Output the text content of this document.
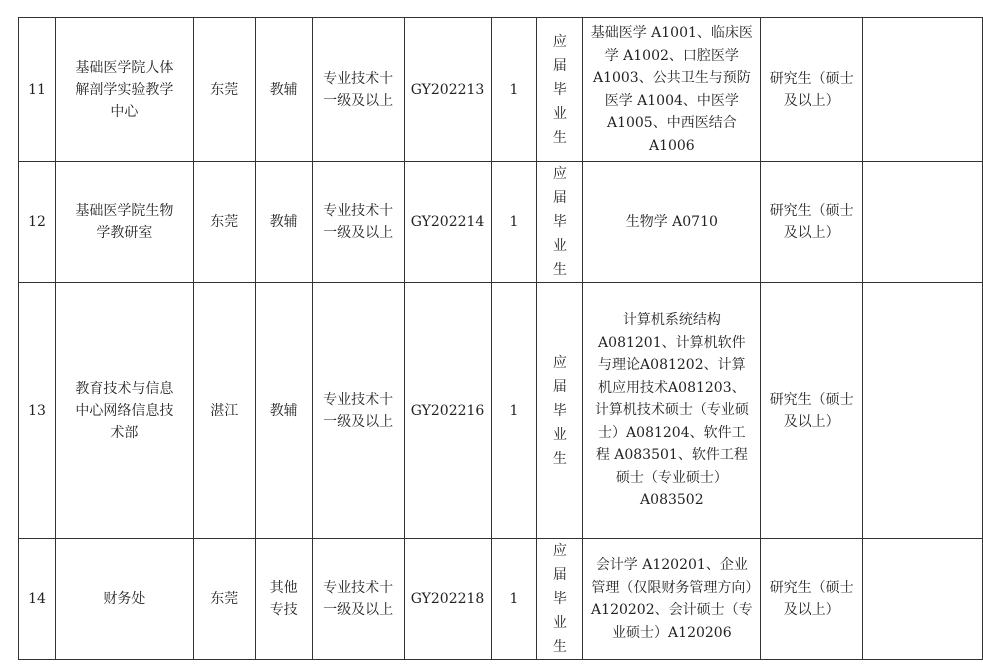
11	基础医学院人体解剖学实验教学中心	东莞	教辅	专业技术十一级及以上	GY202213	1	应届毕业生	基础医学 A1001、临床医学 A1002、口腔医学A1003、公共卫生与预防医学 A1004、中医学A1005、中西医结合A1006	研究生（硕士及以上）	
12	基础医学院生物学教研室	东莞	教辅	专业技术十一级及以上	GY202214	1	应届毕业生	生物学 A0710	研究生（硕士及以上）	
13	教育技术与信息中心网络信息技术部	湛江	教辅	专业技术十一级及以上	GY202216	1	应届毕业生	计算机系统结构A081201、计算机软件与理论A081202、计算机应用技术A081203、计算机技术硕士（专业硕士）A081204、软件工程 A083501、软件工程硕士（专业硕士）A083502	研究生（硕士及以上）	
14	财务处	东莞	其他专技	专业技术十一级及以上	GY202218	1	应届毕业生	会计学 A120201、企业管理（仅限财务管理方向）A120202、会计硕士（专业硕士）A120206	研究生（硕士及以上）	
